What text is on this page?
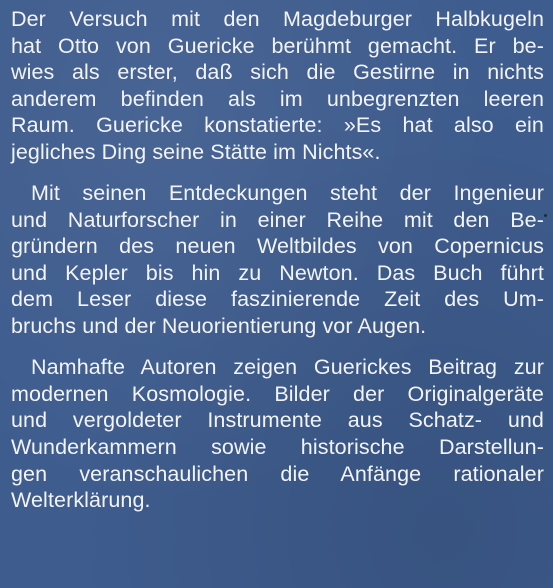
Der Versuch mit den Magdeburger Halbkugeln
hat Otto von Guericke berühmt gemacht. Er be-
wies als erster, daß sich die Gestirne in nichts
anderem befinden als im unbegrenzten leeren
Raum. Guericke konstatierte: »Es hat also ein
jegliches Ding seine Stätte im Nichts«.

Mit seinen Entdeckungen steht der Ingenieur
und Naturforscher in einer Reihe mit den Be-
gründern des neuen Weltbildes von Copernicus
und Kepler bis hin zu Newton. Das Buch führt
dem Leser diese faszinierende Zeit des Um-
bruchs und der Neuorientierung vor Augen.

Namhafte Autoren zeigen Guerickes Beitrag zur
modernen Kosmologie. Bilder der Originalgeräte
und vergoldeter Instrumente aus Schatz- und
Wunderkammern sowie historische Darstellun-
gen veranschaulichen die Anfänge rationaler
Welterklärung.
